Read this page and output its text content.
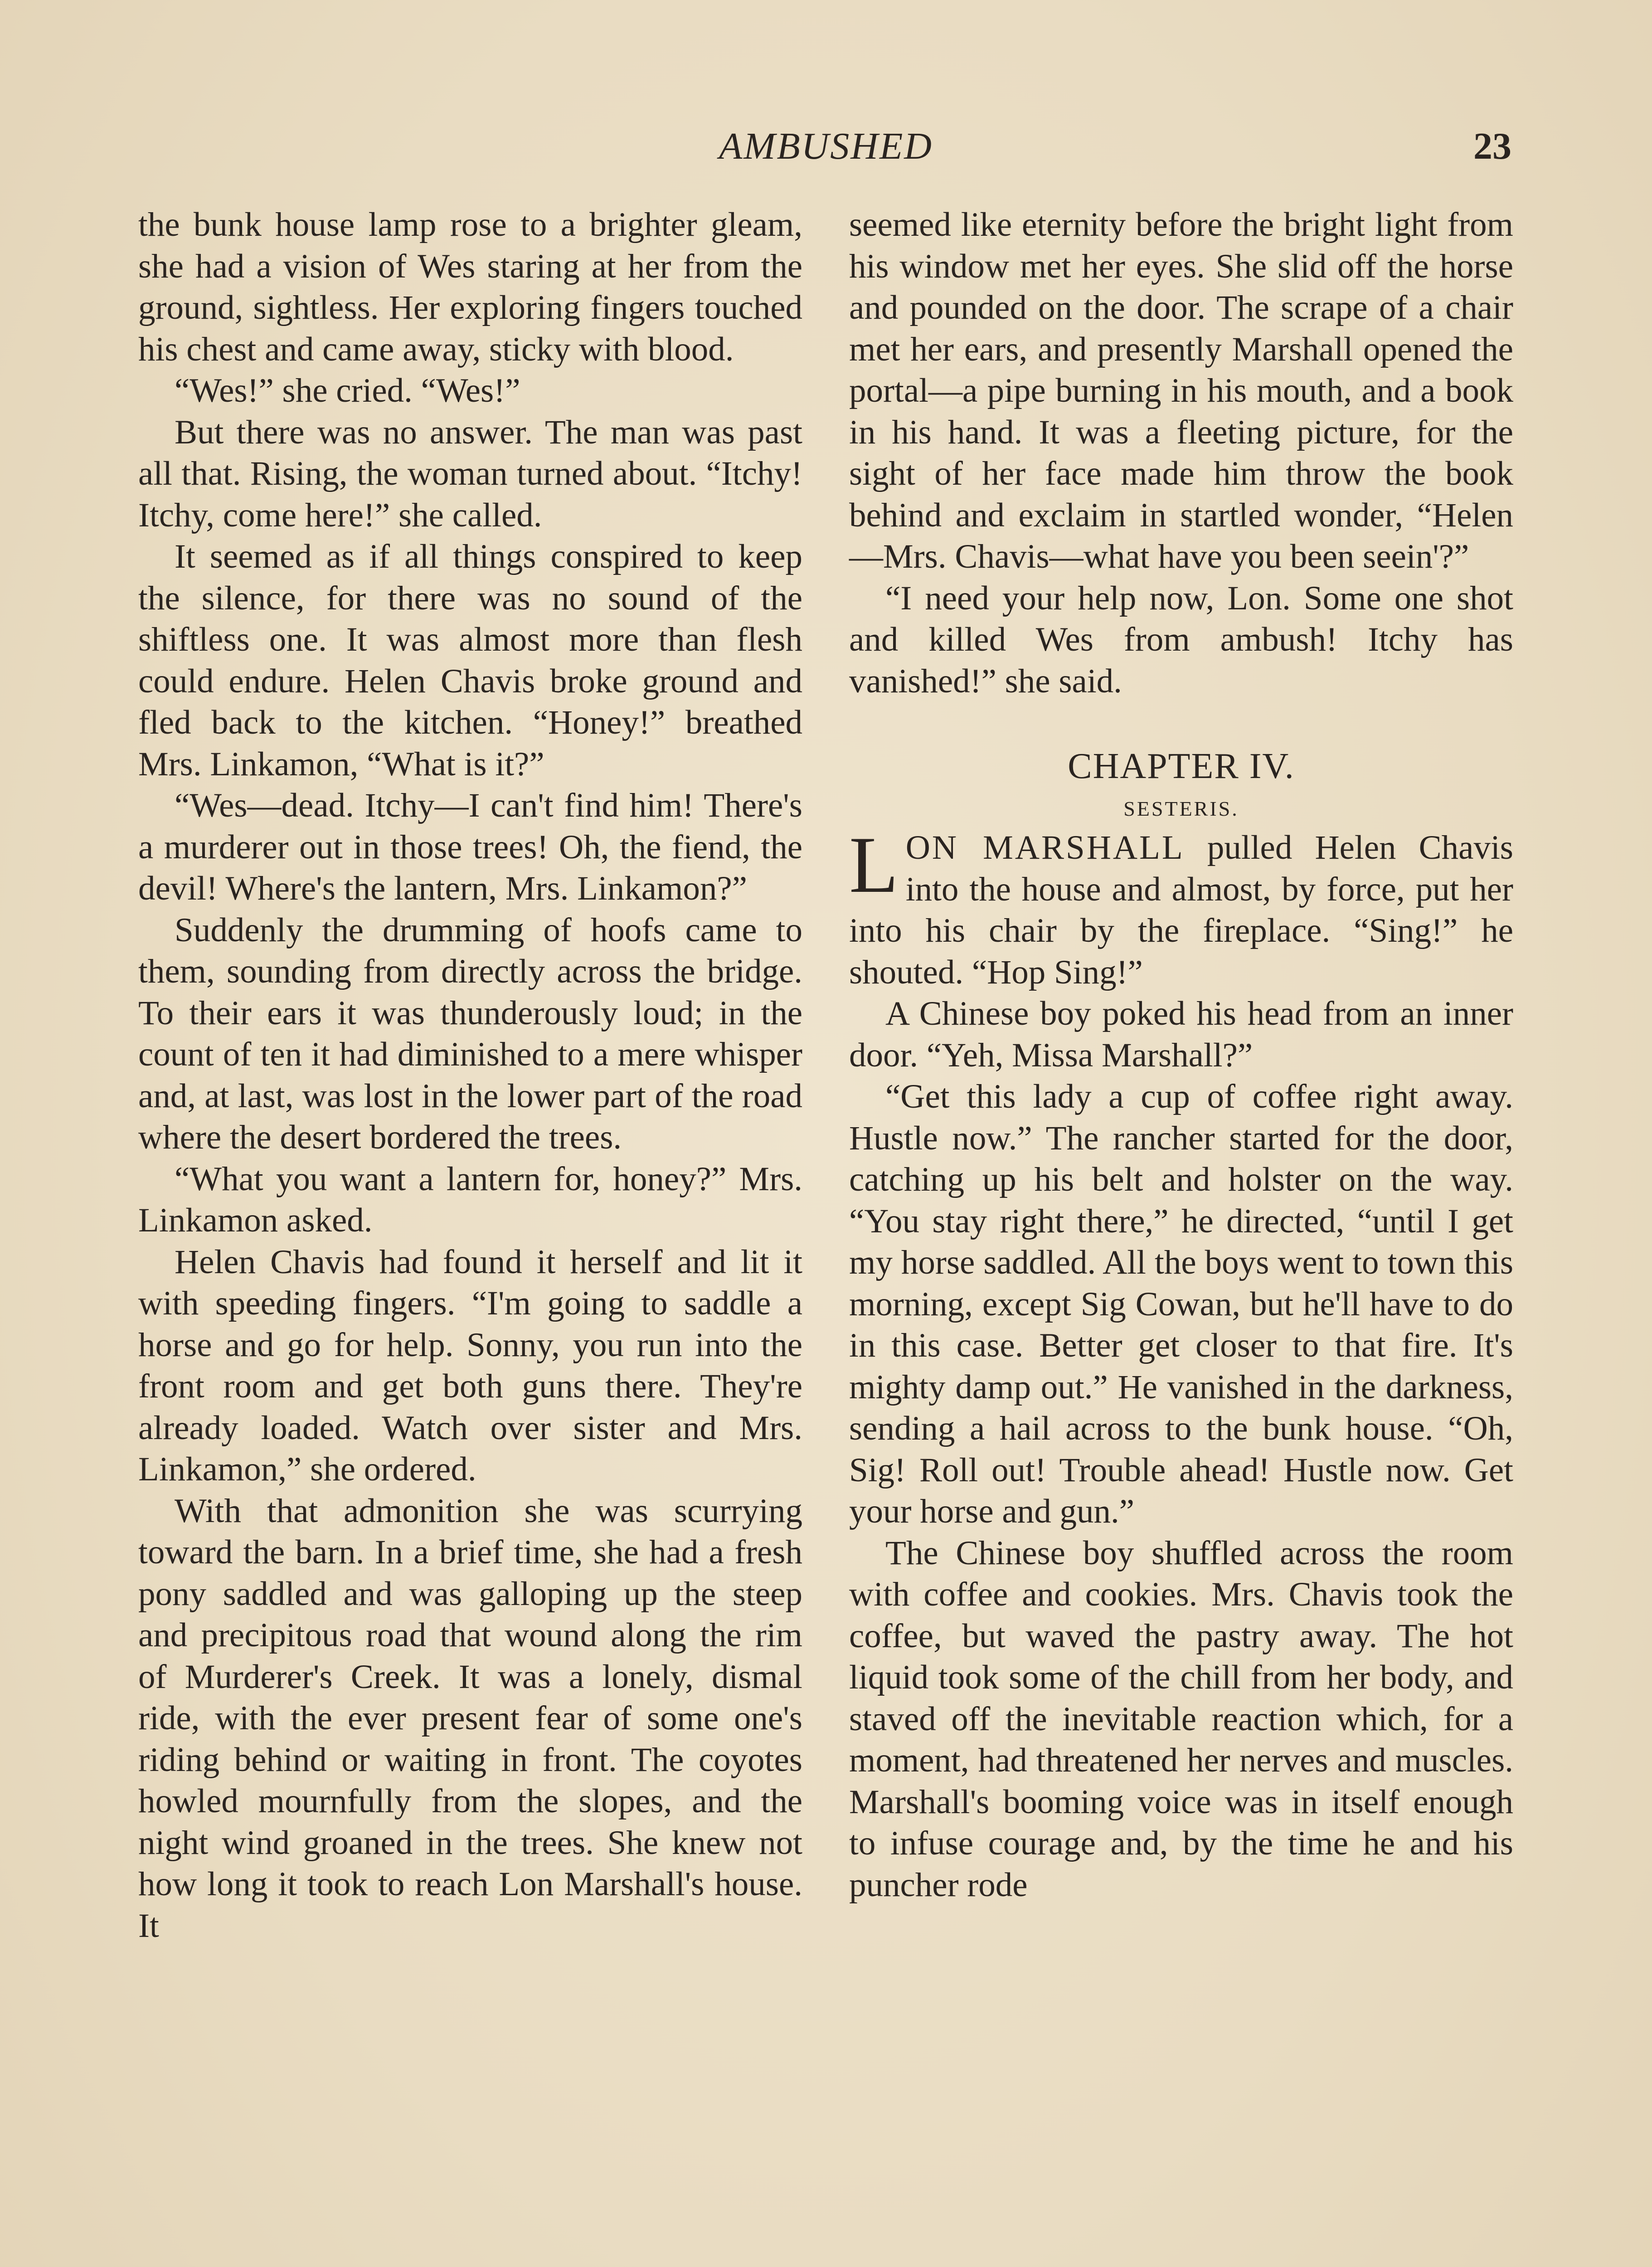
AMBUSHED	23

the bunk house lamp rose to a brighter gleam, she had a vision of Wes staring at her from the ground, sightless. Her exploring fingers touched his chest and came away, sticky with blood.

“Wes!” she cried. “Wes!”

But there was no answer. The man was past all that. Rising, the woman turned about. “Itchy! Itchy, come here!” she called.

It seemed as if all things conspired to keep the silence, for there was no sound of the shiftless one. It was almost more than flesh could endure. Helen Chavis broke ground and fled back to the kitchen. “Honey!” breathed Mrs. Linkamon, “What is it?”

“Wes—dead. Itchy—I can't find him! There's a murderer out in those trees! Oh, the fiend, the devil! Where's the lantern, Mrs. Linkamon?”

Suddenly the drumming of hoofs came to them, sounding from directly across the bridge. To their ears it was thunderously loud; in the count of ten it had diminished to a mere whisper and, at last, was lost in the lower part of the road where the desert bordered the trees.

“What you want a lantern for, honey?” Mrs. Linkamon asked.

Helen Chavis had found it herself and lit it with speeding fingers. “I'm going to saddle a horse and go for help. Sonny, you run into the front room and get both guns there. They're already loaded. Watch over sister and Mrs. Linkamon,” she ordered.

With that admonition she was scurrying toward the barn. In a brief time, she had a fresh pony saddled and was galloping up the steep and precipitous road that wound along the rim of Murderer's Creek. It was a lonely, dismal ride, with the ever present fear of some one's riding behind or waiting in front. The coyotes howled mournfully from the slopes, and the night wind groaned in the trees. She knew not how long it took to reach Lon Marshall's house. It

seemed like eternity before the bright light from his window met her eyes. She slid off the horse and pounded on the door. The scrape of a chair met her ears, and presently Marshall opened the portal—a pipe burning in his mouth, and a book in his hand. It was a fleeting picture, for the sight of her face made him throw the book behind and exclaim in startled wonder, “Helen—Mrs. Chavis—what have you been seein'?”

“I need your help now, Lon. Some one shot and killed Wes from ambush! Itchy has vanished!” she said.

CHAPTER IV.
SESTERIS.

LON MARSHALL pulled Helen Chavis into the house and almost, by force, put her into his chair by the fireplace. “Sing!” he shouted. “Hop Sing!”

A Chinese boy poked his head from an inner door. “Yeh, Missa Marshall?”

“Get this lady a cup of coffee right away. Hustle now.” The rancher started for the door, catching up his belt and holster on the way. “You stay right there,” he directed, “until I get my horse saddled. All the boys went to town this morning, except Sig Cowan, but he'll have to do in this case. Better get closer to that fire. It's mighty damp out.” He vanished in the darkness, sending a hail across to the bunk house. “Oh, Sig! Roll out! Trouble ahead! Hustle now. Get your horse and gun.”

The Chinese boy shuffled across the room with coffee and cookies. Mrs. Chavis took the coffee, but waved the pastry away. The hot liquid took some of the chill from her body, and staved off the inevitable reaction which, for a moment, had threatened her nerves and muscles. Marshall's booming voice was in itself enough to infuse courage and, by the time he and his puncher rode
